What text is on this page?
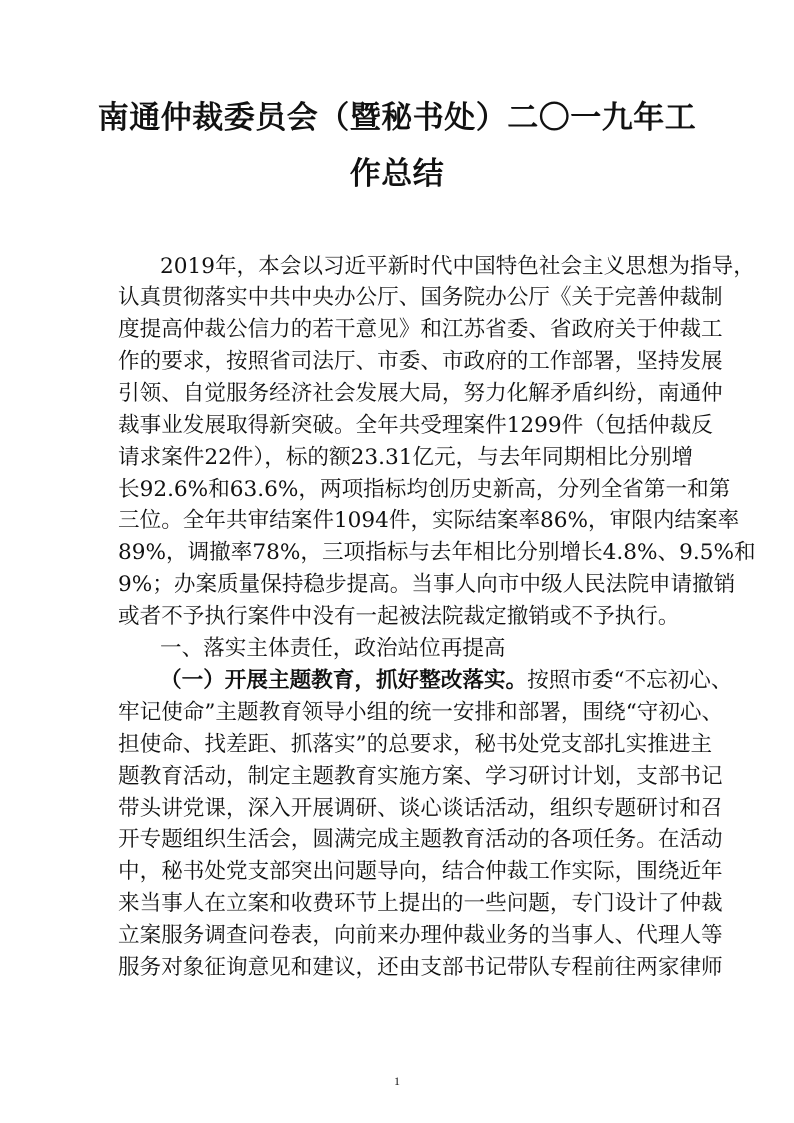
南通仲裁委员会（暨秘书处）二〇一九年工
作总结
2019年，本会以习近平新时代中国特色社会主义思想为指导，
认真贯彻落实中共中央办公厅、国务院办公厅《关于完善仲裁制
度提高仲裁公信力的若干意见》和江苏省委、省政府关于仲裁工
作的要求，按照省司法厅、市委、市政府的工作部署，坚持发展
引领、自觉服务经济社会发展大局，努力化解矛盾纠纷，南通仲
裁事业发展取得新突破。全年共受理案件1299件（包括仲裁反
请求案件22件），标的额23.31亿元，与去年同期相比分别增
长92.6%和63.6%，两项指标均创历史新高，分列全省第一和第
三位。全年共审结案件1094件，实际结案率86%，审限内结案率
89%，调撤率78%，三项指标与去年相比分别增长4.8%、9.5%和
9%；办案质量保持稳步提高。当事人向市中级人民法院申请撤销
或者不予执行案件中没有一起被法院裁定撤销或不予执行。
一、落实主体责任，政治站位再提高
（一）开展主题教育，抓好整改落实。按照市委“不忘初心、
牢记使命”主题教育领导小组的统一安排和部署，围绕“守初心、
担使命、找差距、抓落实”的总要求，秘书处党支部扎实推进主
题教育活动，制定主题教育实施方案、学习研讨计划，支部书记
带头讲党课，深入开展调研、谈心谈话活动，组织专题研讨和召
开专题组织生活会，圆满完成主题教育活动的各项任务。在活动
中，秘书处党支部突出问题导向，结合仲裁工作实际，围绕近年
来当事人在立案和收费环节上提出的一些问题，专门设计了仲裁
立案服务调查问卷表，向前来办理仲裁业务的当事人、代理人等
服务对象征询意见和建议，还由支部书记带队专程前往两家律师
1
